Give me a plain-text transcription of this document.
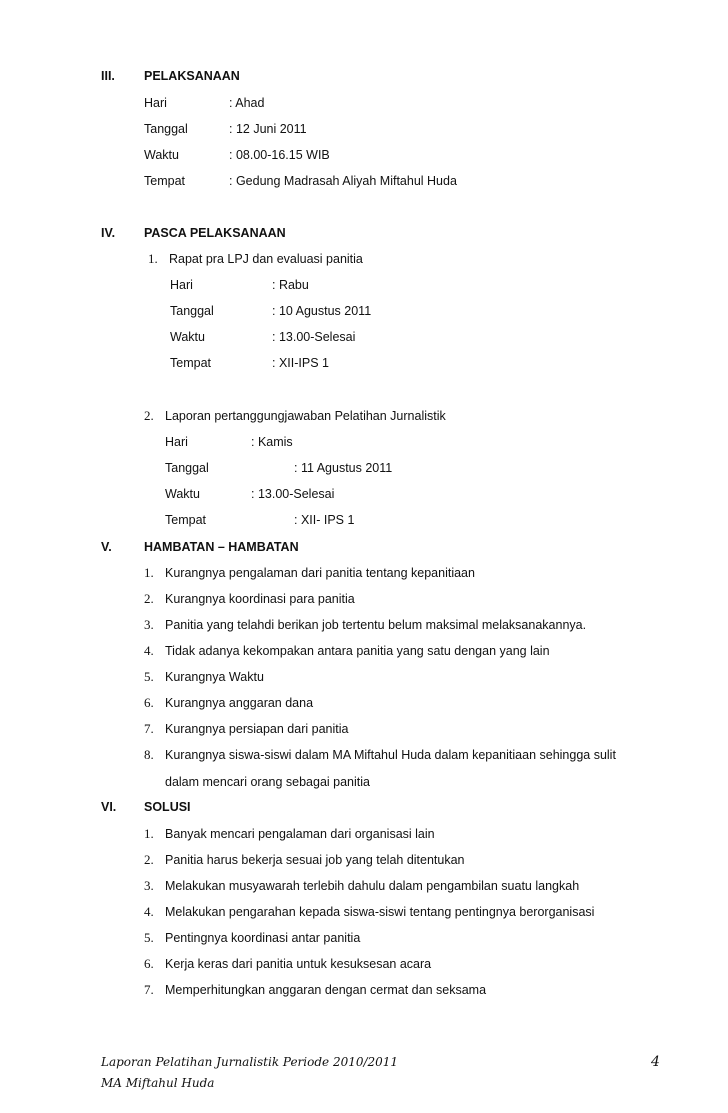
III. PELAKSANAAN
Hari	: Ahad
Tanggal	: 12 Juni 2011
Waktu	: 08.00-16.15 WIB
Tempat	: Gedung Madrasah Aliyah Miftahul Huda
IV. PASCA PELAKSANAAN
1. Rapat pra LPJ dan evaluasi panitia
Hari	: Rabu
Tanggal	: 10 Agustus 2011
Waktu	: 13.00-Selesai
Tempat	: XII-IPS 1
2. Laporan pertanggungjawaban Pelatihan Jurnalistik
Hari	: Kamis
Tanggal	: 11 Agustus 2011
Waktu	: 13.00-Selesai
Tempat	: XII- IPS 1
V.	HAMBATAN – HAMBATAN
1. Kurangnya pengalaman dari panitia tentang kepanitiaan
2. Kurangnya koordinasi para panitia
3. Panitia yang telahdi berikan job tertentu belum maksimal melaksanakannya.
4. Tidak adanya kekompakan antara panitia yang satu dengan yang lain
5. Kurangnya Waktu
6. Kurangnya anggaran dana
7. Kurangnya persiapan dari panitia
8. Kurangnya siswa-siswi dalam MA Miftahul Huda dalam kepanitiaan sehingga sulit
dalam mencari orang sebagai panitia
VI. SOLUSI
1. Banyak mencari pengalaman dari organisasi lain
2. Panitia harus bekerja sesuai job yang telah ditentukan
3. Melakukan musyawarah terlebih dahulu dalam pengambilan suatu langkah
4. Melakukan pengarahan kepada siswa-siswi tentang pentingnya berorganisasi
5. Pentingnya koordinasi antar panitia
6. Kerja keras dari panitia untuk kesuksesan acara
7. Memperhitungkan anggaran dengan cermat dan seksama
Laporan Pelatihan Jurnalistik Periode 2010/2011
MA Miftahul Huda
4
